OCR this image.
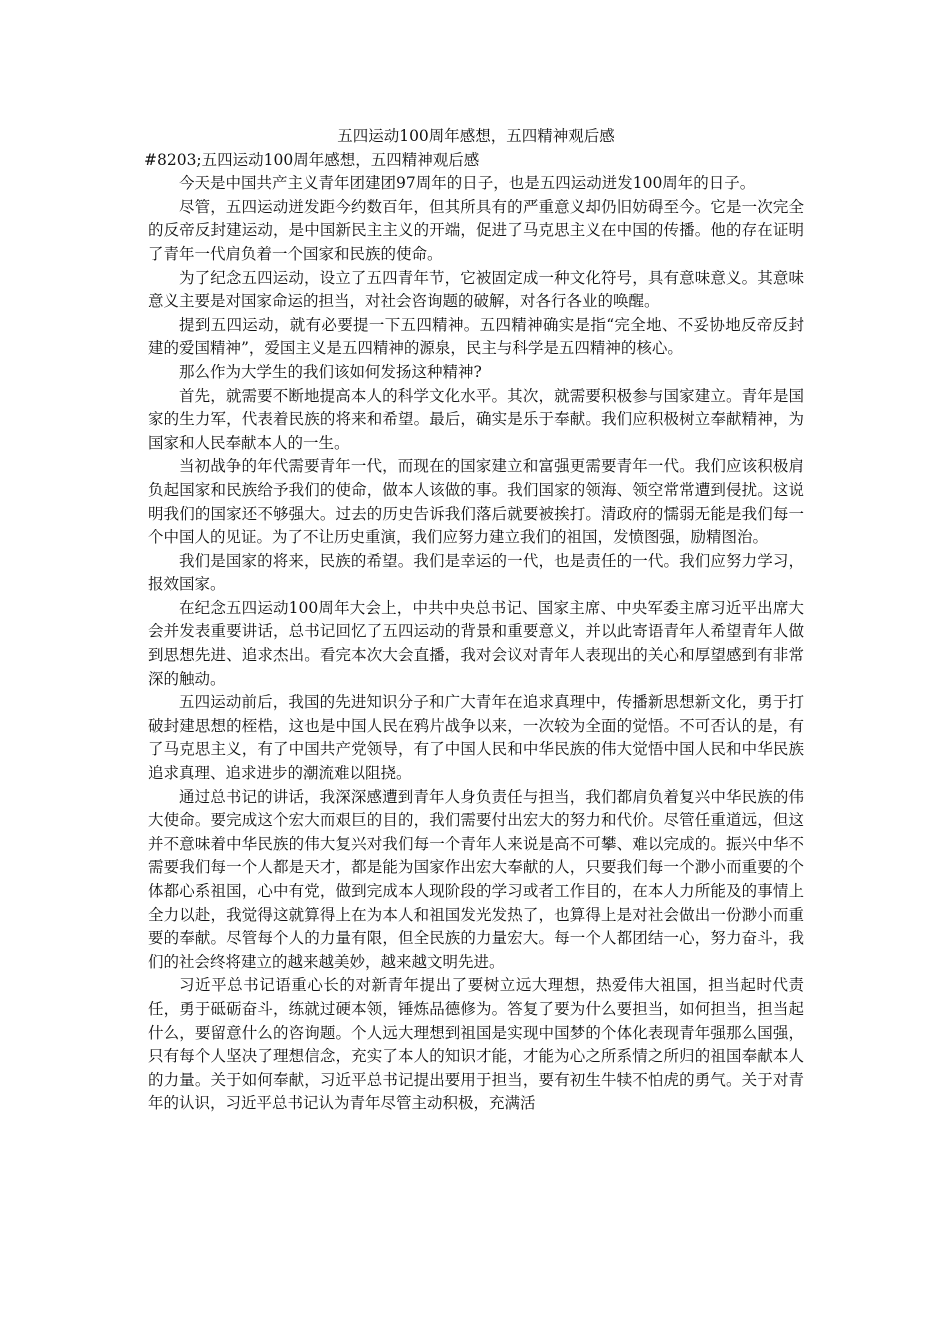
五四运动100周年感想，五四精神观后感

#8203;五四运动100周年感想，五四精神观后感

今天是中国共产主义青年团建团97周年的日子，也是五四运动迸发100周年的日子。

尽管，五四运动迸发距今约数百年，但其所具有的严重意义却仍旧妨碍至今。它是一次完全的反帝反封建运动，是中国新民主主义的开端，促进了马克思主义在中国的传播。他的存在证明了青年一代肩负着一个国家和民族的使命。

为了纪念五四运动，设立了五四青年节，它被固定成一种文化符号，具有意味意义。其意味意义主要是对国家命运的担当，对社会咨询题的破解，对各行各业的唤醒。

提到五四运动，就有必要提一下五四精神。五四精神确实是指“完全地、不妥协地反帝反封建的爱国精神”，爱国主义是五四精神的源泉，民主与科学是五四精神的核心。

那么作为大学生的我们该如何发扬这种精神?

首先，就需要不断地提高本人的科学文化水平。其次，就需要积极参与国家建立。青年是国家的生力军，代表着民族的将来和希望。最后，确实是乐于奉献。我们应积极树立奉献精神，为国家和人民奉献本人的一生。

当初战争的年代需要青年一代，而现在的国家建立和富强更需要青年一代。我们应该积极肩负起国家和民族给予我们的使命，做本人该做的事。我们国家的领海、领空常常遭到侵扰。这说明我们的国家还不够强大。过去的历史告诉我们落后就要被挨打。清政府的懦弱无能是我们每一个中国人的见证。为了不让历史重演，我们应努力建立我们的祖国，发愤图强，励精图治。

我们是国家的将来，民族的希望。我们是幸运的一代，也是责任的一代。我们应努力学习，报效国家。

在纪念五四运动100周年大会上，中共中央总书记、国家主席、中央军委主席习近平出席大会并发表重要讲话，总书记回忆了五四运动的背景和重要意义，并以此寄语青年人希望青年人做到思想先进、追求杰出。看完本次大会直播，我对会议对青年人表现出的关心和厚望感到有非常深的触动。

五四运动前后，我国的先进知识分子和广大青年在追求真理中，传播新思想新文化，勇于打破封建思想的桎梏，这也是中国人民在鸦片战争以来，一次较为全面的觉悟。不可否认的是，有了马克思主义，有了中国共产党领导，有了中国人民和中华民族的伟大觉悟中国人民和中华民族追求真理、追求进步的潮流难以阻挠。

通过总书记的讲话，我深深感遭到青年人身负责任与担当，我们都肩负着复兴中华民族的伟大使命。要完成这个宏大而艰巨的目的，我们需要付出宏大的努力和代价。尽管任重道远，但这并不意味着中华民族的伟大复兴对我们每一个青年人来说是高不可攀、难以完成的。振兴中华不需要我们每一个人都是天才，都是能为国家作出宏大奉献的人，只要我们每一个渺小而重要的个体都心系祖国，心中有党，做到完成本人现阶段的学习或者工作目的，在本人力所能及的事情上全力以赴，我觉得这就算得上在为本人和祖国发光发热了，也算得上是对社会做出一份渺小而重要的奉献。尽管每个人的力量有限，但全民族的力量宏大。每一个人都团结一心，努力奋斗，我们的社会终将建立的越来越美妙，越来越文明先进。

习近平总书记语重心长的对新青年提出了要树立远大理想，热爱伟大祖国，担当起时代责任，勇于砥砺奋斗，练就过硬本领，锤炼品德修为。答复了要为什么要担当，如何担当，担当起什么，要留意什么的咨询题。个人远大理想到祖国是实现中国梦的个体化表现青年强那么国强，只有每个人坚决了理想信念，充实了本人的知识才能，才能为心之所系情之所归的祖国奉献本人的力量。关于如何奉献，习近平总书记提出要用于担当，要有初生牛犊不怕虎的勇气。关于对青年的认识，习近平总书记认为青年尽管主动积极，充满活
